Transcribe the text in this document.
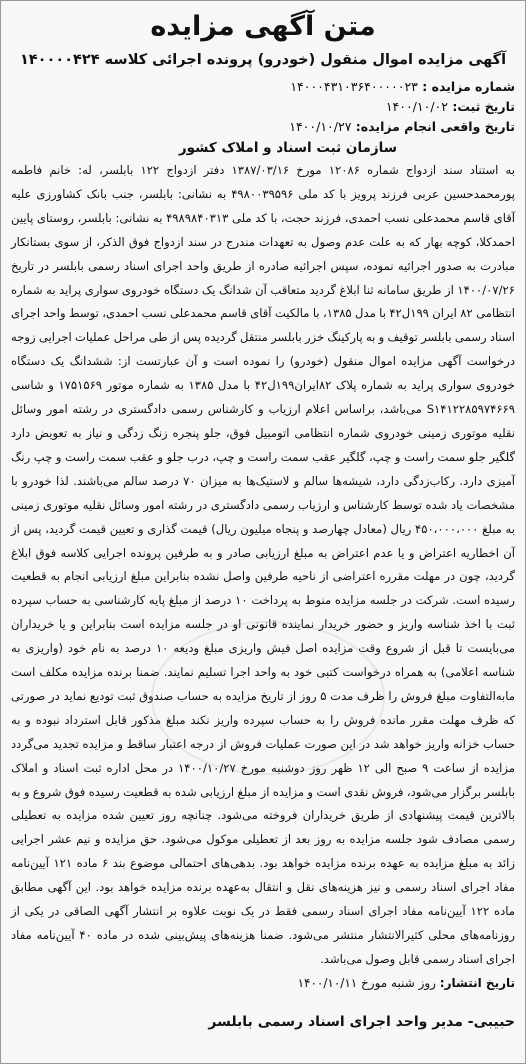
متن آگهی مزایده
آگهی مزایده اموال منقول (خودرو) پرونده اجرائی کلاسه ۱۴۰۰۰۰۴۲۴
شماره مزایده : ۱۴۰۰۰۴۳۱۰۳۶۴۰۰۰۰۰۲۳
تاریخ ثبت: ۱۴۰۰/۱۰/۰۲
تاریخ واقعی انجام مزایده: ۱۴۰۰/۱۰/۲۷
سازمان ثبت اسناد و املاک کشور

به استناد سند ازدواج شماره ۱۲۰۸۶ مورخ ۱۳۸۷/۰۳/۱۶ دفتر ازدواج ۱۲۲ بابلسر، له: خانم فاطمه پورمحمدحسین عربی فرزند پرویز با کد ملی ۴۹۸۰۰۳۹۵۹۶ به نشانی: بابلسر، جنب بانک کشاورزی علیه آقای قاسم محمدعلی نسب احمدی، فرزند حجت، با کد ملی ۴۹۸۹۸۴۰۳۱۳ به نشانی: بابلسر، روستای پایین احمدکلا، کوچه بهار که به علت عدم وصول به تعهدات مندرج در سند ازدواج فوق الذکر، از سوی بستانکار مبادرت به صدور اجرائیه نموده، سپس اجرائیه صادره از طریق واحد اجرای اسناد رسمی بابلسر در تاریخ ۱۴۰۰/۰۷/۲۶ از طریق سامانه ثنا ابلاغ گردید متعاقب آن شدانگ یک دستگاه خودروی سواری پراید به شماره انتظامی ۸۲ ایران ۱۹۹ل۴۲ با مدل ۱۳۸۵، با مالکیت آقای قاسم محمدعلی نسب احمدی، توسط واحد اجرای اسناد رسمی بابلسر توقیف و به پارکینگ خزر بابلسر منتقل گردیده پس از طی مراحل عملیات اجرایی زوجه درخواست آگهی مزایده اموال منقول (خودرو) را نموده است و آن عبارتست از: ششدانگ یک دستگاه خودروی سواری پراید به شماره پلاک ۸۲ایران۱۹۹ل۴۲ با مدل ۱۳۸۵ به شماره موتور ۱۷۵۱۵۶۹ و شاسی S۱۴۱۲۲۸۵۹۷۴۶۶۹ می‌باشد، براساس اعلام ارزیاب و کارشناس رسمی دادگستری در رشته امور وسائل نقلیه موتوری زمینی خودروی شماره انتظامی اتومبیل فوق، جلو پنجره زنگ زدگی و نیاز به تعویض دارد گلگیر جلو سمت راست و چپ، گلگیر عقب سمت راست و چپ، درب جلو و عقب سمت راست و چپ رنگ آمیزی دارد. رکاب‌زدگی دارد، شیشه‌ها سالم و لاستیک‌ها به میزان ۷۰ درصد سالم می‌باشند. لذا خودرو با مشخصات یاد شده توسط کارشناس و ارزیاب رسمی دادگستری در رشته امور وسائل نقلیه موتوری زمینی به مبلغ ۴۵۰،۰۰۰،۰۰۰ ریال (معادل چهارصد و پنجاه میلیون ریال) قیمت گذاری و تعیین قیمت گردید، پس از آن اخطاریه اعتراض و یا عدم اعتراض به مبلغ ارزیابی صادر و به طرفین پرونده اجرایی کلاسه فوق ابلاغ گردید، چون در مهلت مقرره اعتراضی از ناحیه طرفین واصل نشده بنابراین مبلغ ارزیابی انجام به قطعیت رسیده است. شرکت در جلسه مزایده منوط به پرداخت ۱۰ درصد از مبلغ پایه کارشناسی به حساب سپرده ثبت با اخذ شناسه واریز و حضور خریدار نماینده قانونی او در جلسه مزایده است بنابراین و یا خریداران می‌بایست تا قبل از شروع وقت مزایده اصل فیش واریزی مبلغ ودیعه ۱۰ درصد به نام خود (واریزی به شناسه اعلامی) به همراه درخواست کتبی خود به واحد اجرا تسلیم نمایند. ضمنا برنده مزایده مکلف است مابه‌التفاوت مبلغ فروش را ظرف مدت ۵ روز از تاریخ مزایده به حساب صندوق ثبت تودیع نماید در صورتی که ظرف مهلت مقرر مانده فروش را به حساب سپرده واریز نکند مبلغ مذکور قابل استرداد نبوده و به حساب خزانه واریز خواهد شد در این صورت عملیات فروش از درجه اعتبار ساقط و مزایده تجدید می‌گردد مزایده از ساعت ۹ صبح الی ۱۲ ظهر روز دوشنبه مورخ ۱۴۰۰/۱۰/۲۷ در محل اداره ثبت اسناد و املاک بابلسر برگزار می‌شود، فروش نقدی است و مزایده از مبلغ ارزیابی شده به قطعیت رسیده فوق شروع و به بالاترین قیمت پیشنهادی از طریق خریداران فروخته می‌شود. چنانچه روز تعیین شده مزایده به تعطیلی رسمی مصادف شود جلسه مزایده به روز بعد از تعطیلی موکول می‌شود. حق مزایده و نیم عشر اجرایی زائد به مبلغ مزایده به عهده برنده مزایده خواهد بود. بدهی‌های احتمالی موضوع بند ۶ ماده ۱۲۱ آیین‌نامه مفاد اجرای اسناد رسمی و نیز هزینه‌های نقل و انتقال به‌عهده برنده مزایده خواهد بود. این آگهی مطابق ماده ۱۲۲ آیین‌نامه مفاد اجرای اسناد رسمی فقط در یک نوبت علاوه بر انتشار آگهی الصاقی در یکی از روزنامه‌های محلی کثیرالانتشار منتشر می‌شود. ضمنا هزینه‌های پیش‌بینی شده در ماده ۴۰ آیین‌نامه مفاد اجرای اسناد رسمی قابل وصول می‌باشد.

تاریخ انتشار: روز شنبه مورخ ۱۴۰۰/۱۰/۱۱
حبیبی- مدیر واحد اجرای اسناد رسمی بابلسر
